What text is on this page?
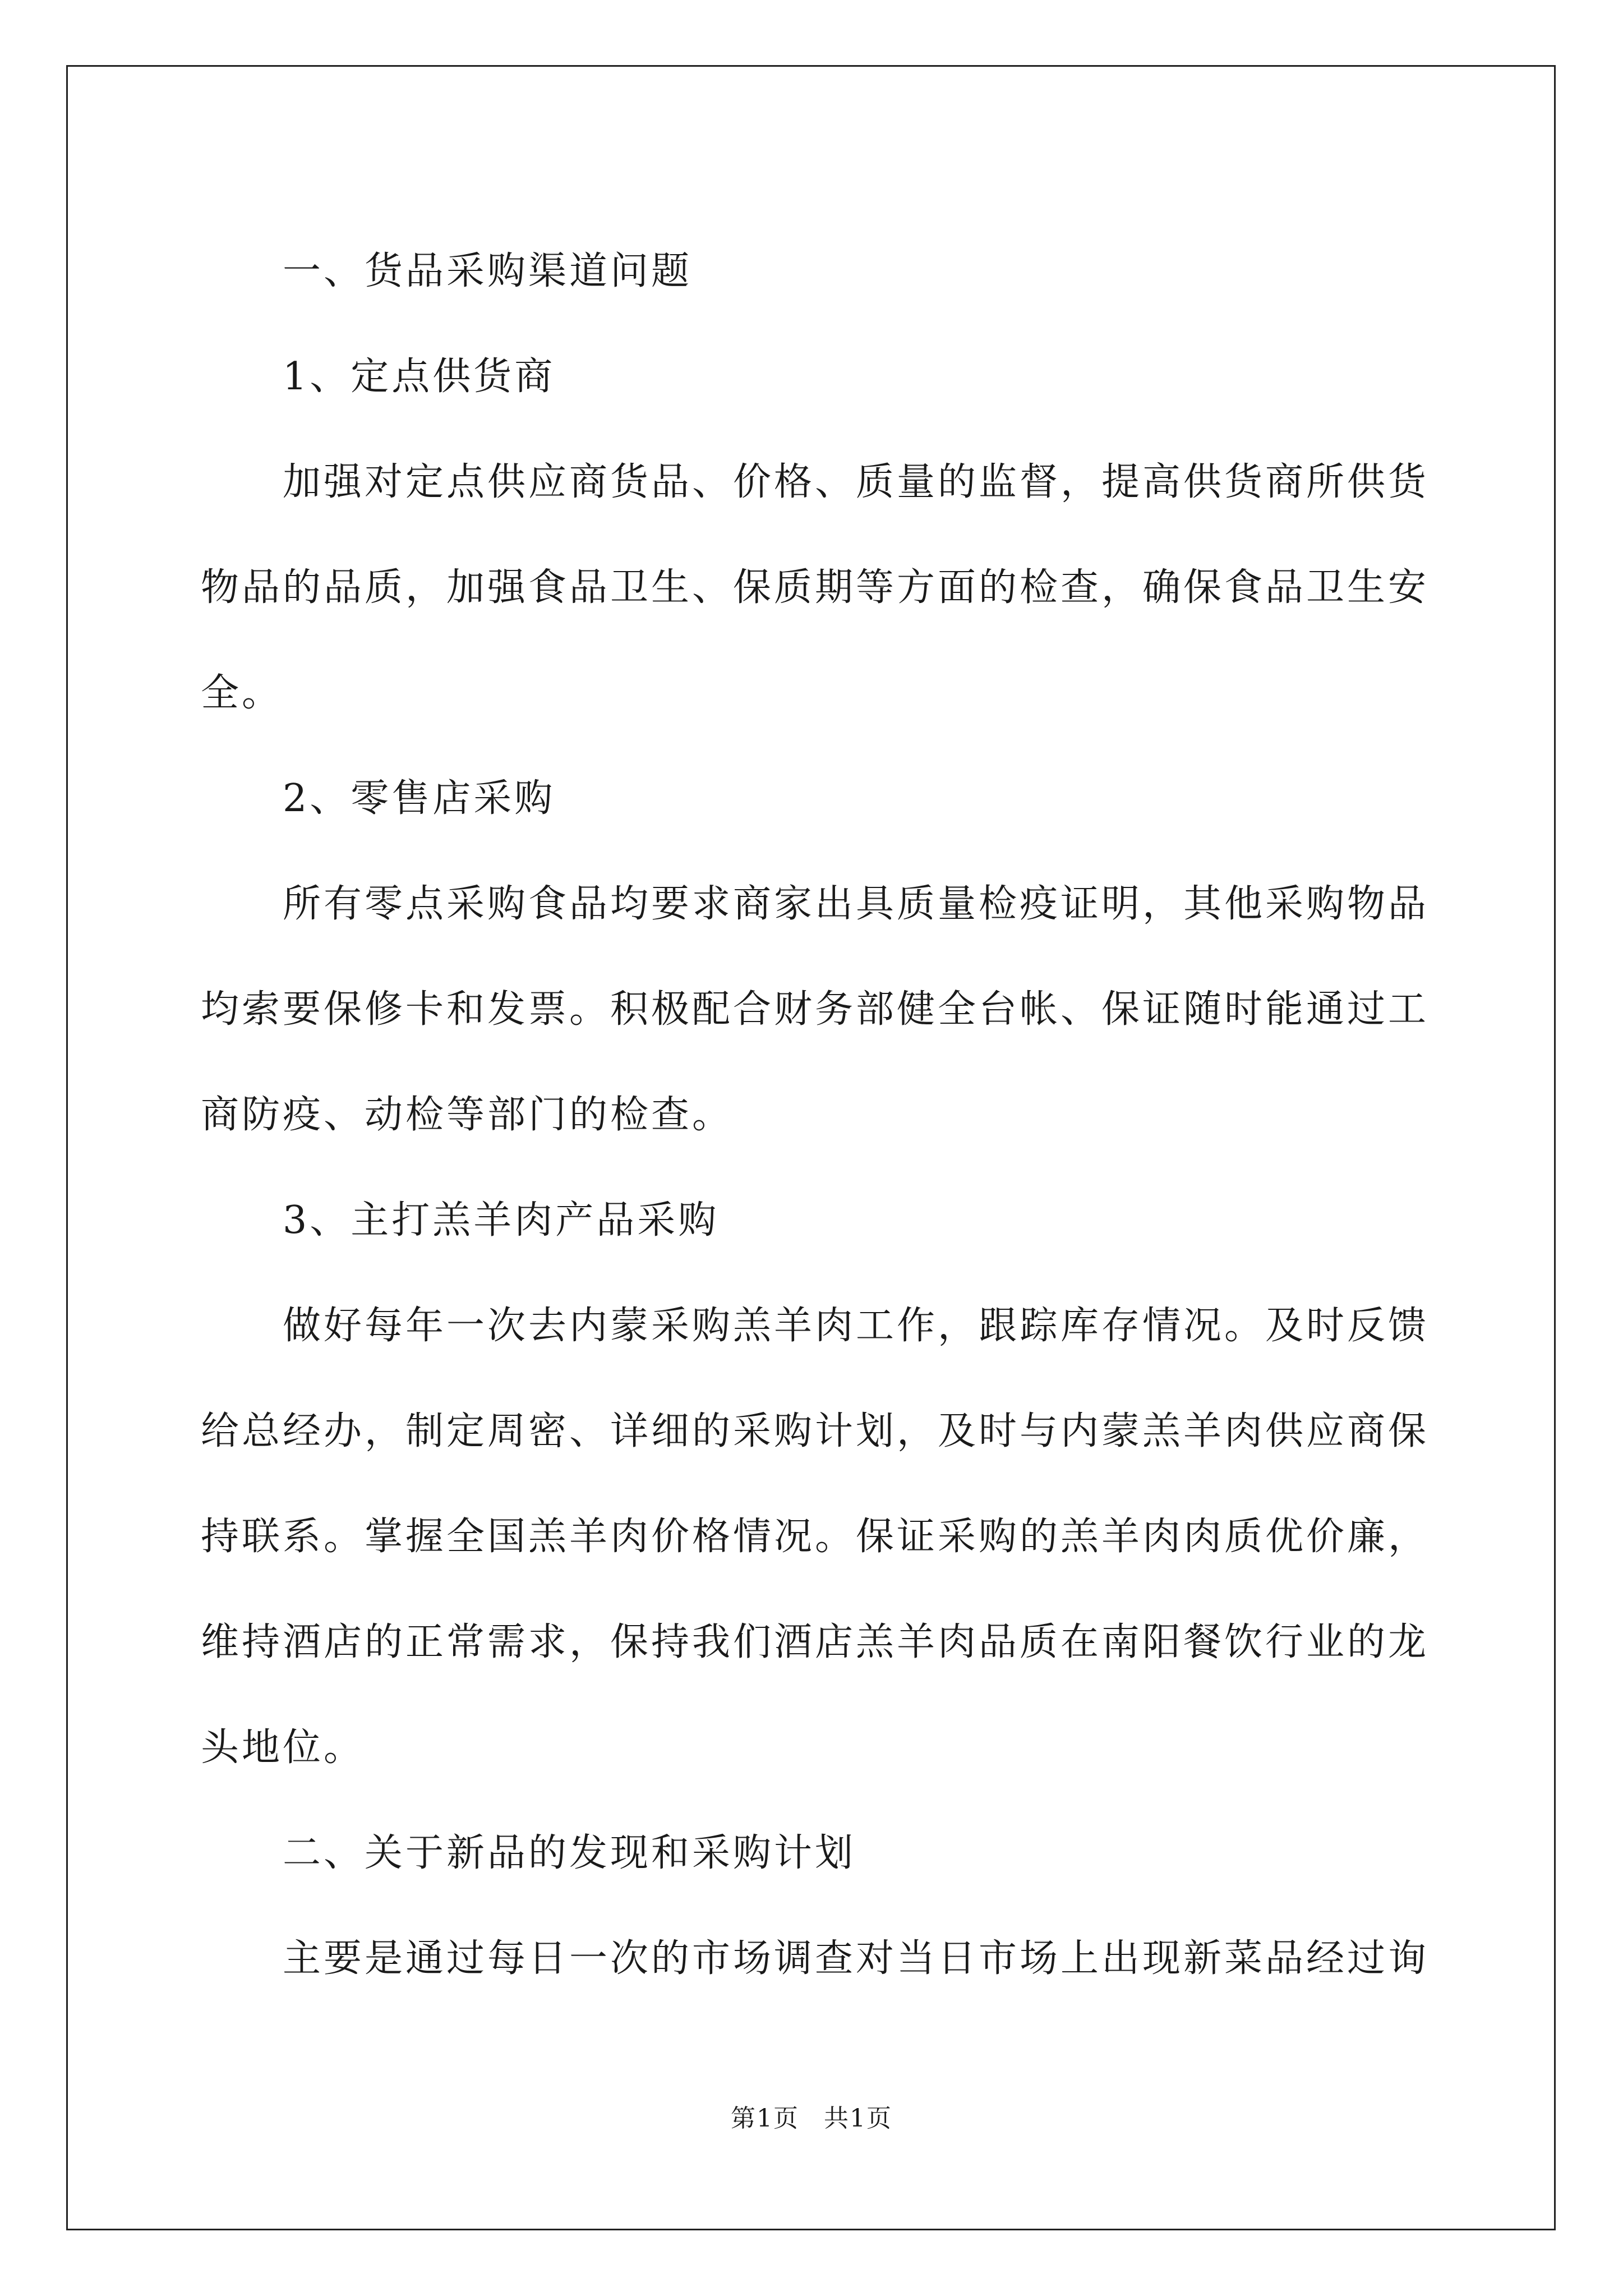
一、货品采购渠道问题

1、定点供货商

加强对定点供应商货品、价格、质量的监督，提高供货商所供货物品的品质，加强食品卫生、保质期等方面的检查，确保食品卫生安全。

2、零售店采购

所有零点采购食品均要求商家出具质量检疫证明，其他采购物品均索要保修卡和发票。积极配合财务部健全台帐、保证随时能通过工商防疫、动检等部门的检查。

3、主打羔羊肉产品采购

做好每年一次去内蒙采购羔羊肉工作，跟踪库存情况。及时反馈给总经办，制定周密、详细的采购计划，及时与内蒙羔羊肉供应商保持联系。掌握全国羔羊肉价格情况。保证采购的羔羊肉肉质优价廉，维持酒店的正常需求，保持我们酒店羔羊肉品质在南阳餐饮行业的龙头地位。

二、关于新品的发现和采购计划

主要是通过每日一次的市场调查对当日市场上出现新菜品经过询

第1页 共1页
